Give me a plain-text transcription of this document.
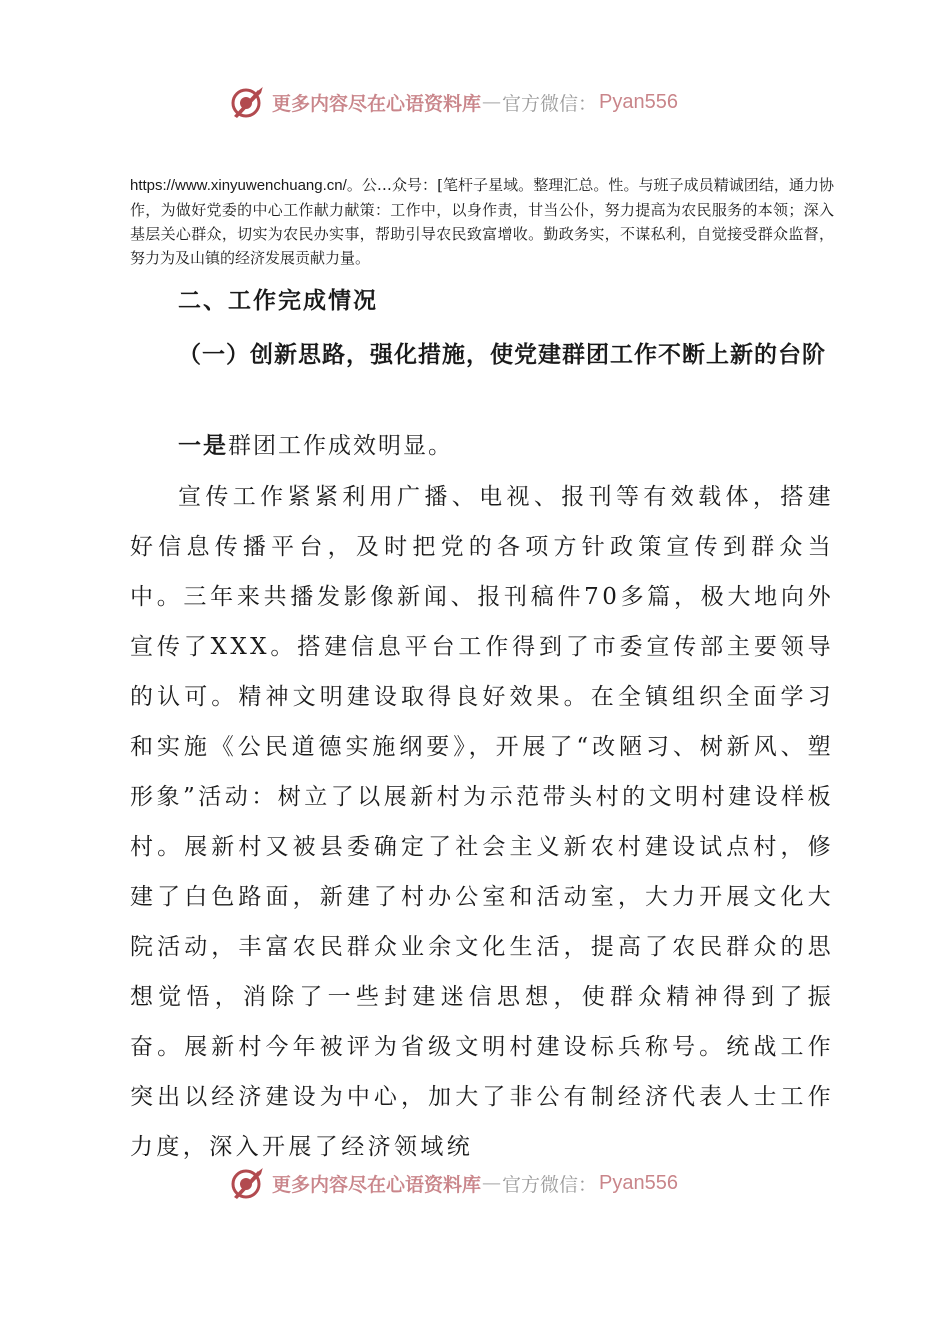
更多内容尽在心语资料库 — 官方微信： Pyan556

https://www.xinyuwenchuang.cn/。公…众号：[笔杆子星域。整理汇总。性。与班子成员精诚团结，通力协作，为做好党委的中心工作献力献策：工作中，以身作责，甘当公仆，努力提高为农民服务的本领；深入基层关心群众，切实为农民办实事，帮助引导农民致富增收。勤政务实，不谋私利，自觉接受群众监督，努力为及山镇的经济发展贡献力量。

二、工作完成情况
（一）创新思路，强化措施，使党建群团工作不断上新的台阶

一是群团工作成效明显。

宣传工作紧紧利用广播、电视、报刊等有效载体，搭建好信息传播平台，及时把党的各项方针政策宣传到群众当中。三年来共播发影像新闻、报刊稿件70多篇，极大地向外宣传了XXX。搭建信息平台工作得到了市委宣传部主要领导的认可。精神文明建设取得良好效果。在全镇组织全面学习和实施《公民道德实施纲要》，开展了“改陋习、树新风、塑形象”活动：树立了以展新村为示范带头村的文明村建设样板村。展新村又被县委确定了社会主义新农村建设试点村，修建了白色路面，新建了村办公室和活动室，大力开展文化大院活动，丰富农民群众业余文化生活，提高了农民群众的思想觉悟，消除了一些封建迷信思想，使群众精神得到了振奋。展新村今年被评为省级文明村建设标兵称号。统战工作突出以经济建设为中心，加大了非公有制经济代表人士工作力度，深入开展了经济领域统

更多内容尽在心语资料库 — 官方微信： Pyan556
